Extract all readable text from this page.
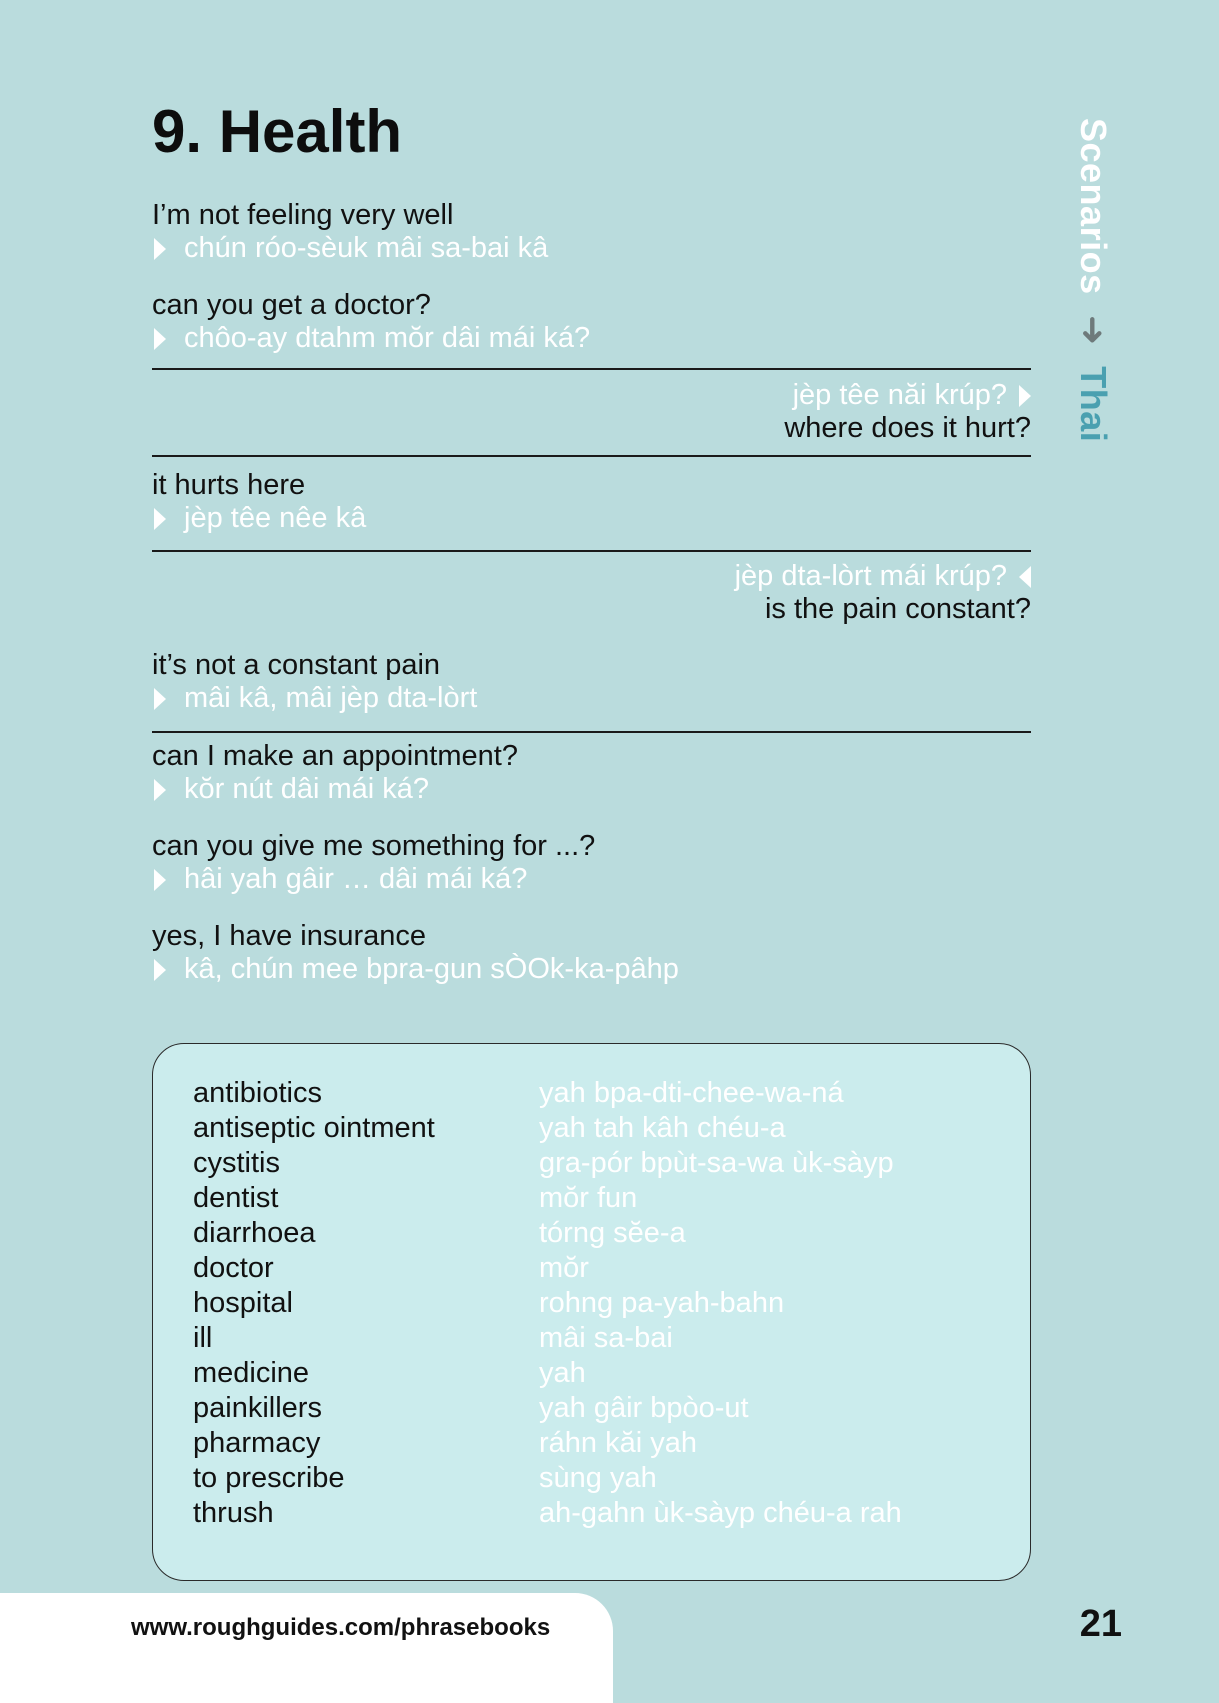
9. Health	Scenarios ➜ Thai
I’m not feeling very well
chún róo-sèuk mâi sa-bai kâ
can you get a doctor?
chôo-ay dtahm mŏr dâi mái ká?
jèp têe năi krúp?
where does it hurt?
it hurts here
jèp têe nêe kâ
jèp dta-lòrt mái krúp?
is the pain constant?
it’s not a constant pain
mâi kâ, mâi jèp dta-lòrt
can I make an appointment?
kŏr nút dâi mái ká?
can you give me something for ...?
hâi yah gâir … dâi mái ká?
yes, I have insurance
kâ, chún mee bpra-gun sÒOk-ka-pâhp
antibiotics	yah bpa-dti-chee-wa-ná
antiseptic ointment	yah tah kâh chéu-a
cystitis	gra-pór bpùt-sa-wa ùk-sàyp
dentist	mŏr fun
diarrhoea	tórng sĕe-a
doctor	mŏr
hospital	rohng pa-yah-bahn
ill	mâi sa-bai
medicine	yah
painkillers	yah gâir bpòo-ut
pharmacy	ráhn kăi yah
to prescribe	sùng yah
thrush	ah-gahn ùk-sàyp chéu-a rah
www.roughguides.com/phrasebooks	21
